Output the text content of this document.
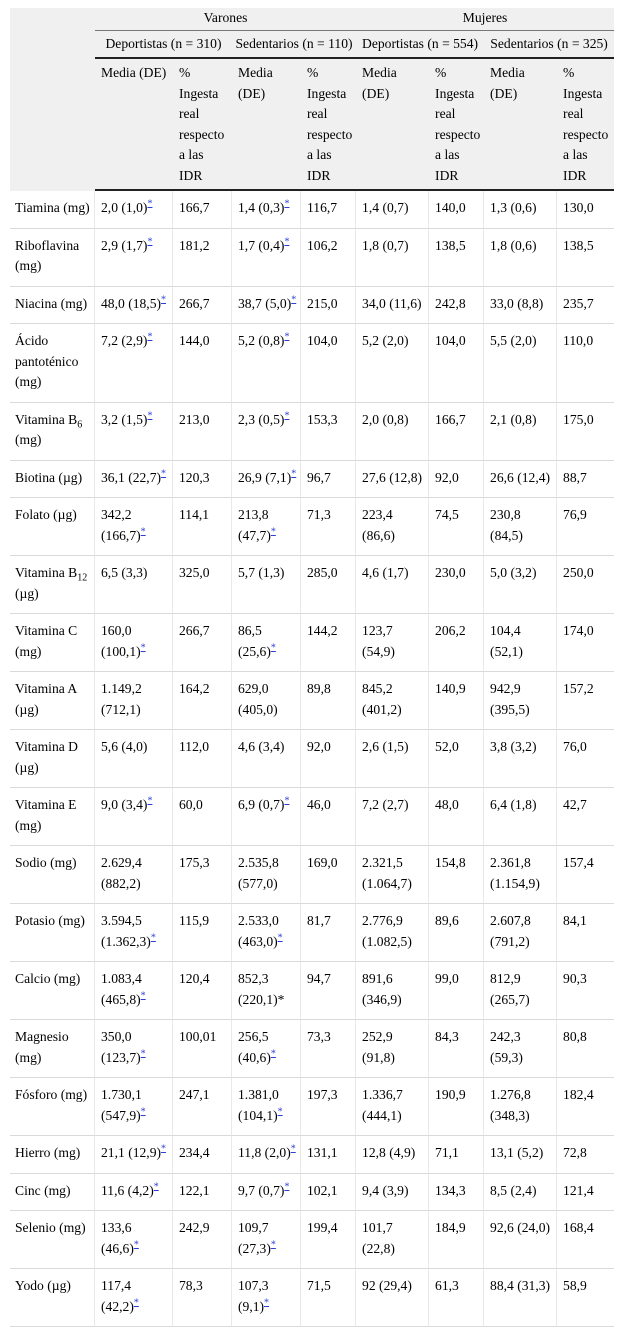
	Varones				Mujeres			
	Deportistas (n = 310)		Sedentarios (n = 110)		Deportistas (n = 554)		Sedentarios (n = 325)	
	Media (DE)	% Ingesta real respecto a las IDR	Media (DE)	% Ingesta real respecto a las IDR	Media (DE)	% Ingesta real respecto a las IDR	Media (DE)	% Ingesta real respecto a las IDR
Tiamina (mg)	2,0 (1,0)*	166,7	1,4 (0,3)*	116,7	1,4 (0,7)	140,0	1,3 (0,6)	130,0
Riboflavina (mg)	2,9 (1,7)*	181,2	1,7 (0,4)*	106,2	1,8 (0,7)	138,5	1,8 (0,6)	138,5
Niacina (mg)	48,0 (18,5)*	266,7	38,7 (5,0)*	215,0	34,0 (11,6)	242,8	33,0 (8,8)	235,7
Ácido pantoténico (mg)	7,2 (2,9)*	144,0	5,2 (0,8)*	104,0	5,2 (2,0)	104,0	5,5 (2,0)	110,0
Vitamina $B_6$ (mg)	3,2 (1,5)*	213,0	2,3 (0,5)*	153,3	2,0 (0,8)	166,7	2,1 (0,8)	175,0
Biotina (µg)	36,1 (22,7)*	120,3	26,9 (7,1)*	96,7	27,6 (12,8)	92,0	26,6 (12,4)	88,7
Folato (µg)	342,2 (166,7)*	114,1	213,8 (47,7)*	71,3	223,4 (86,6)	74,5	230,8 (84,5)	76,9
Vitamina $B_{12}$ (µg)	6,5 (3,3)	325,0	5,7 (1,3)	285,0	4,6 (1,7)	230,0	5,0 (3,2)	250,0
Vitamina C (mg)	160,0 (100,1)*	266,7	86,5 (25,6)*	144,2	123,7 (54,9)	206,2	104,4 (52,1)	174,0
Vitamina A (µg)	1.149,2 (712,1)	164,2	629,0 (405,0)	89,8	845,2 (401,2)	140,9	942,9 (395,5)	157,2
Vitamina D (µg)	5,6 (4,0)	112,0	4,6 (3,4)	92,0	2,6 (1,5)	52,0	3,8 (3,2)	76,0
Vitamina E (mg)	9,0 (3,4)*	60,0	6,9 (0,7)*	46,0	7,2 (2,7)	48,0	6,4 (1,8)	42,7
Sodio (mg)	2.629,4 (882,2)	175,3	2.535,8 (577,0)	169,0	2.321,5 (1.064,7)	154,8	2.361,8 (1.154,9)	157,4
Potasio (mg)	3.594,5 (1.362,3)*	115,9	2.533,0 (463,0)*	81,7	2.776,9 (1.082,5)	89,6	2.607,8 (791,2)	84,1
Calcio (mg)	1.083,4 (465,8)*	120,4	852,3 (220,1)*	94,7	891,6 (346,9)	99,0	812,9 (265,7)	90,3
Magnesio (mg)	350,0 (123,7)*	100,01	256,5 (40,6)*	73,3	252,9 (91,8)	84,3	242,3 (59,3)	80,8
Fósforo (mg)	1.730,1 (547,9)*	247,1	1.381,0 (104,1)*	197,3	1.336,7 (444,1)	190,9	1.276,8 (348,3)	182,4
Hierro (mg)	21,1 (12,9)*	234,4	11,8 (2,0)*	131,1	12,8 (4,9)	71,1	13,1 (5,2)	72,8
Cinc (mg)	11,6 (4,2)*	122,1	9,7 (0,7)*	102,1	9,4 (3,9)	134,3	8,5 (2,4)	121,4
Selenio (mg)	133,6 (46,6)*	242,9	109,7 (27,3)*	199,4	101,7 (22,8)	184,9	92,6 (24,0)	168,4
Yodo (µg)	117,4 (42,2)*	78,3	107,3 (9,1)*	71,5	92 (29,4)	61,3	88,4 (31,3)	58,9
